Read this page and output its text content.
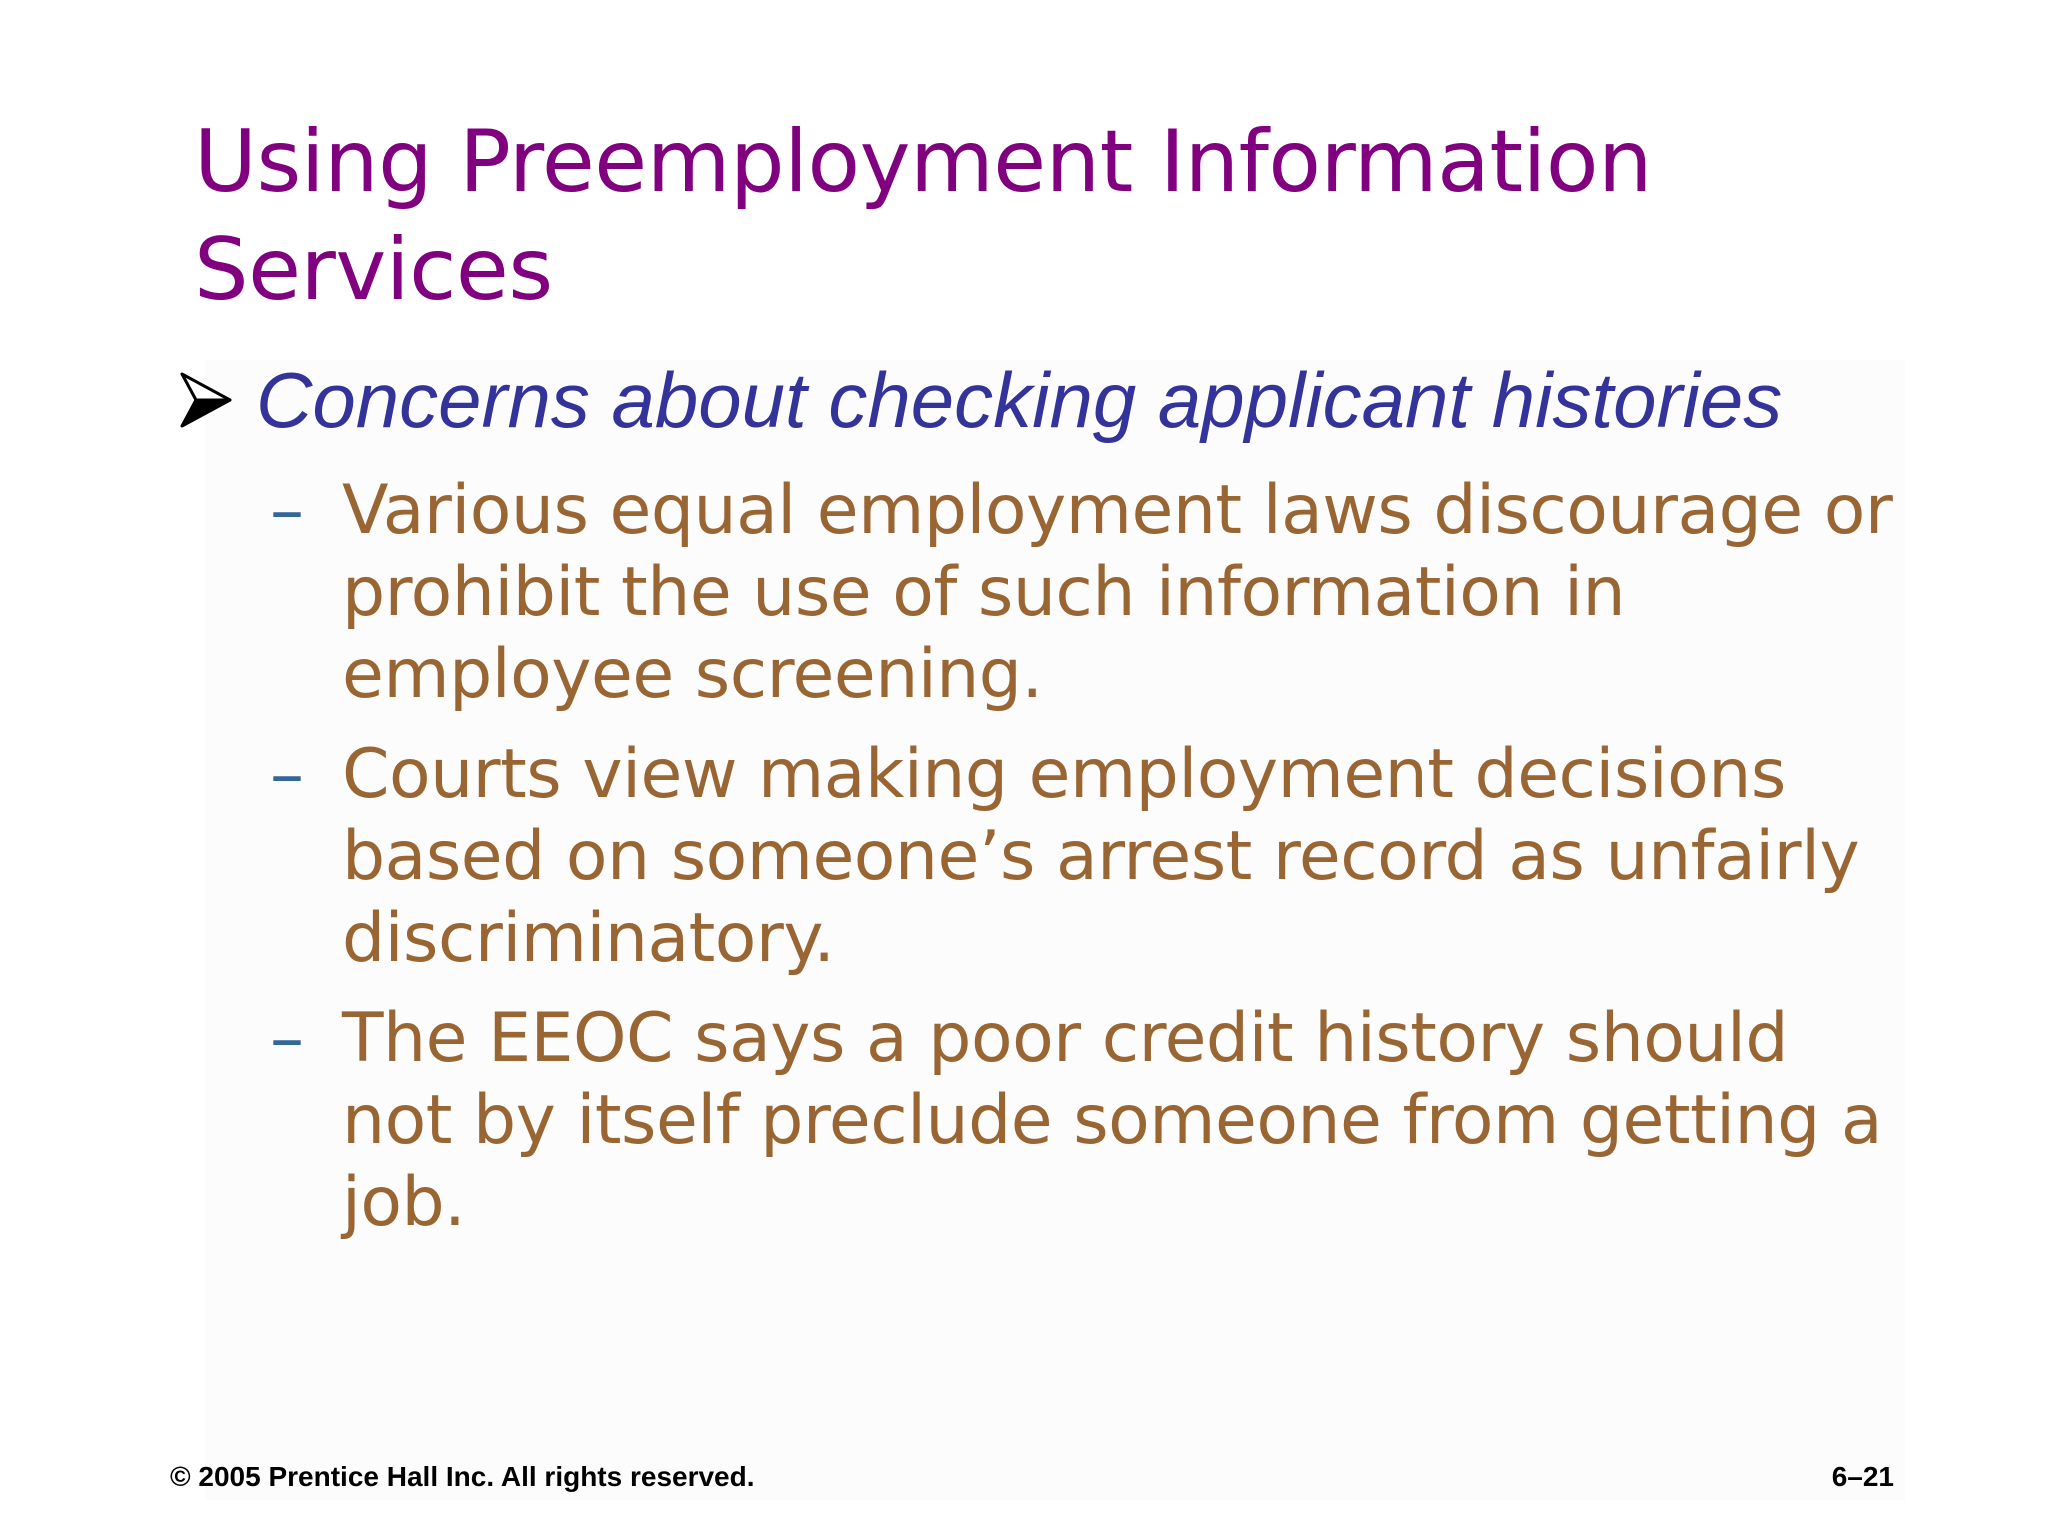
Using Preemployment Information Services
Concerns about checking applicant histories
– Various equal employment laws discourage or prohibit the use of such information in employee screening.
– Courts view making employment decisions based on someone’s arrest record as unfairly discriminatory.
– The EEOC says a poor credit history should not by itself preclude someone from getting a job.
© 2005 Prentice Hall Inc. All rights reserved.	6–21
